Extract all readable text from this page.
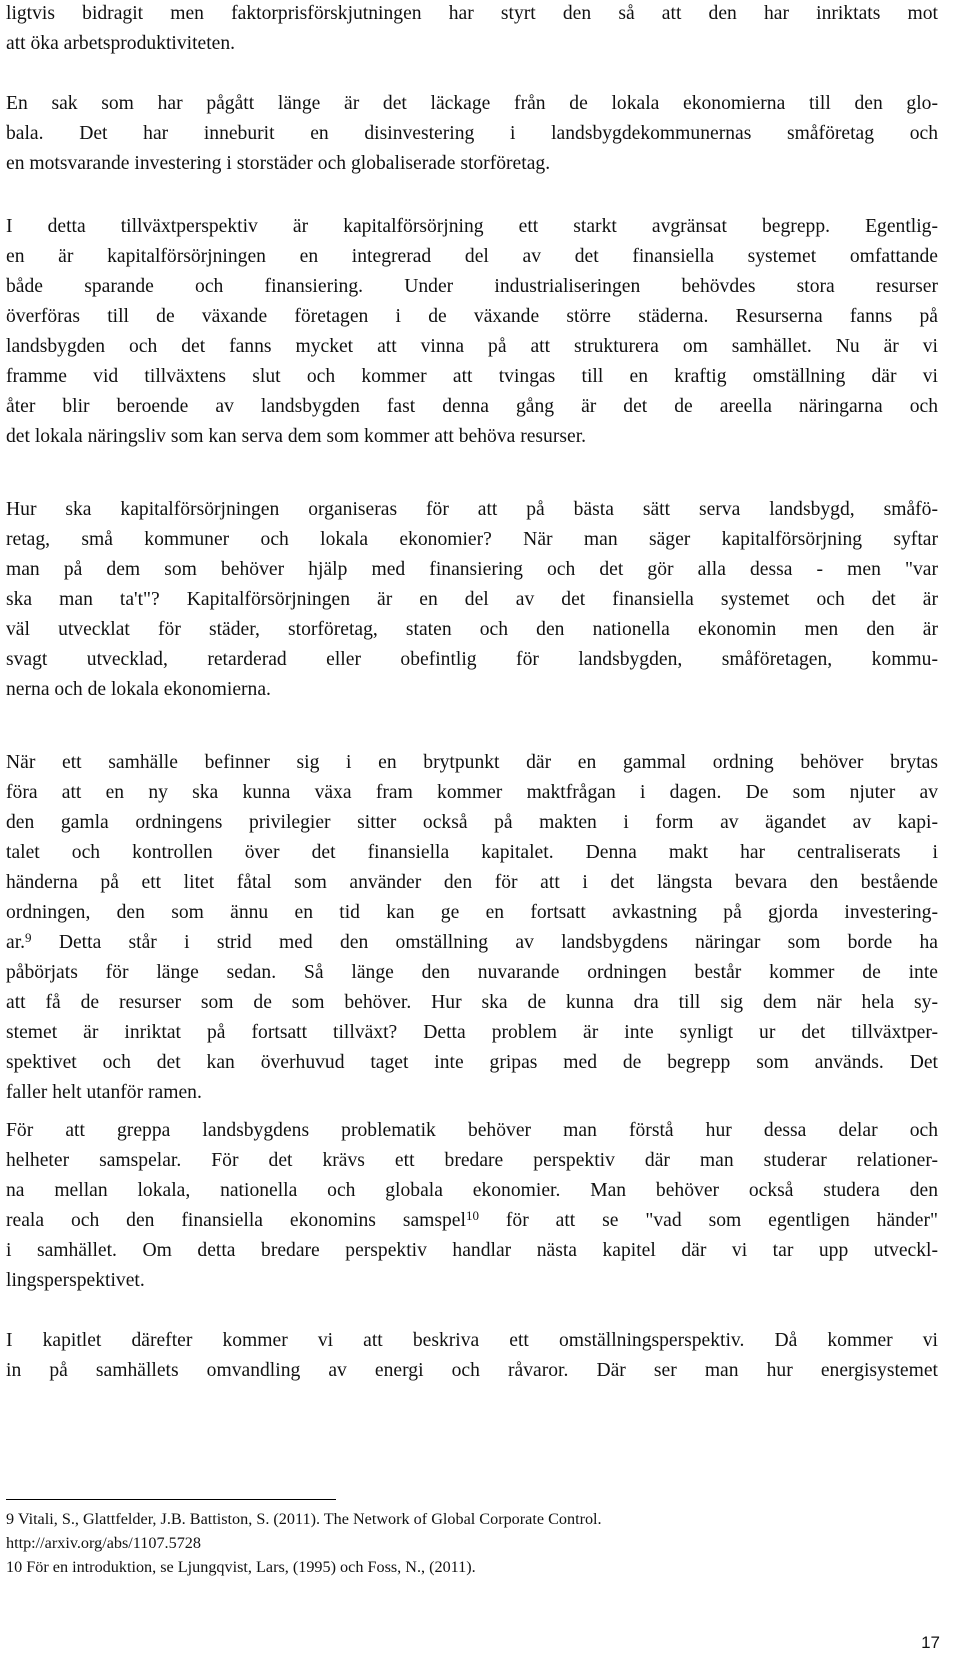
ligtvis bidragit men faktorprisförskjutningen har styrt den så att den har inriktats mot
att öka arbetsproduktiviteten.

En sak som har pågått länge är det läckage från de lokala ekonomierna till den glo-
bala. Det har inneburit en disinvestering i landsbygdekommunernas småföretag och
en motsvarande investering i storstäder och globaliserade storföretag.

I detta tillväxtperspektiv är kapitalförsörjning ett starkt avgränsat begrepp. Egentlig-
en är kapitalförsörjningen en integrerad del av det finansiella systemet omfattande
både sparande och finansiering. Under industrialiseringen behövdes stora resurser
överföras till de växande företagen i de växande större städerna. Resurserna fanns på
landsbygden och det fanns mycket att vinna på att strukturera om samhället. Nu är vi
framme vid tillväxtens slut och kommer att tvingas till en kraftig omställning där vi
åter blir beroende av landsbygden fast denna gång är det de areella näringarna och
det lokala näringsliv som kan serva dem som kommer att behöva resurser.

Hur ska kapitalförsörjningen organiseras för att på bästa sätt serva landsbygd, småfö-
retag, små kommuner och lokala ekonomier? När man säger kapitalförsörjning syftar
man på dem som behöver hjälp med finansiering och det gör alla dessa - men "var
ska man ta't"? Kapitalförsörjningen är en del av det finansiella systemet och det är
väl utvecklat för städer, storföretag, staten och den nationella ekonomin men den är
svagt utvecklad, retarderad eller obefintlig för landsbygden, småföretagen, kommu-
nerna och de lokala ekonomierna.

När ett samhälle befinner sig i en brytpunkt där en gammal ordning behöver brytas
föra att en ny ska kunna växa fram kommer maktfrågan i dagen. De som njuter av
den gamla ordningens privilegier sitter också på makten i form av ägandet av kapi-
talet och kontrollen över det finansiella kapitalet. Denna makt har centraliserats i
händerna på ett litet fåtal som använder den för att i det längsta bevara den bestående
ordningen, den som ännu en tid kan ge en fortsatt avkastning på gjorda investering-
ar.$^9$ Detta står i strid med den omställning av landsbygdens näringar som borde ha
påbörjats för länge sedan. Så länge den nuvarande ordningen består kommer de inte
att få de resurser som de som behöver. Hur ska de kunna dra till sig dem när hela sy-
stemet är inriktat på fortsatt tillväxt? Detta problem är inte synligt ur det tillväxtper-
spektivet och det kan överhuvud taget inte gripas med de begrepp som används. Det
faller helt utanför ramen.

För att greppa landsbygdens problematik behöver man förstå hur dessa delar och
helheter samspelar. För det krävs ett bredare perspektiv där man studerar relationer-
na mellan lokala, nationella och globala ekonomier. Man behöver också studera den
reala och den finansiella ekonomins samspel$^{10}$ för att se "vad som egentligen händer"
i samhället. Om detta bredare perspektiv handlar nästa kapitel där vi tar upp utveckl-
lingsperspektivet.

I kapitlet därefter kommer vi att beskriva ett omställningsperspektiv. Då kommer vi
in på samhällets omvandling av energi och råvaror. Där ser man hur energisystemet

9 Vitali, S., Glattfelder, J.B. Battiston, S. (2011). The Network of Global Corporate Control.
http://arxiv.org/abs/1107.5728
10 För en introduktion, se Ljungqvist, Lars, (1995) och Foss, N., (2011).
17
